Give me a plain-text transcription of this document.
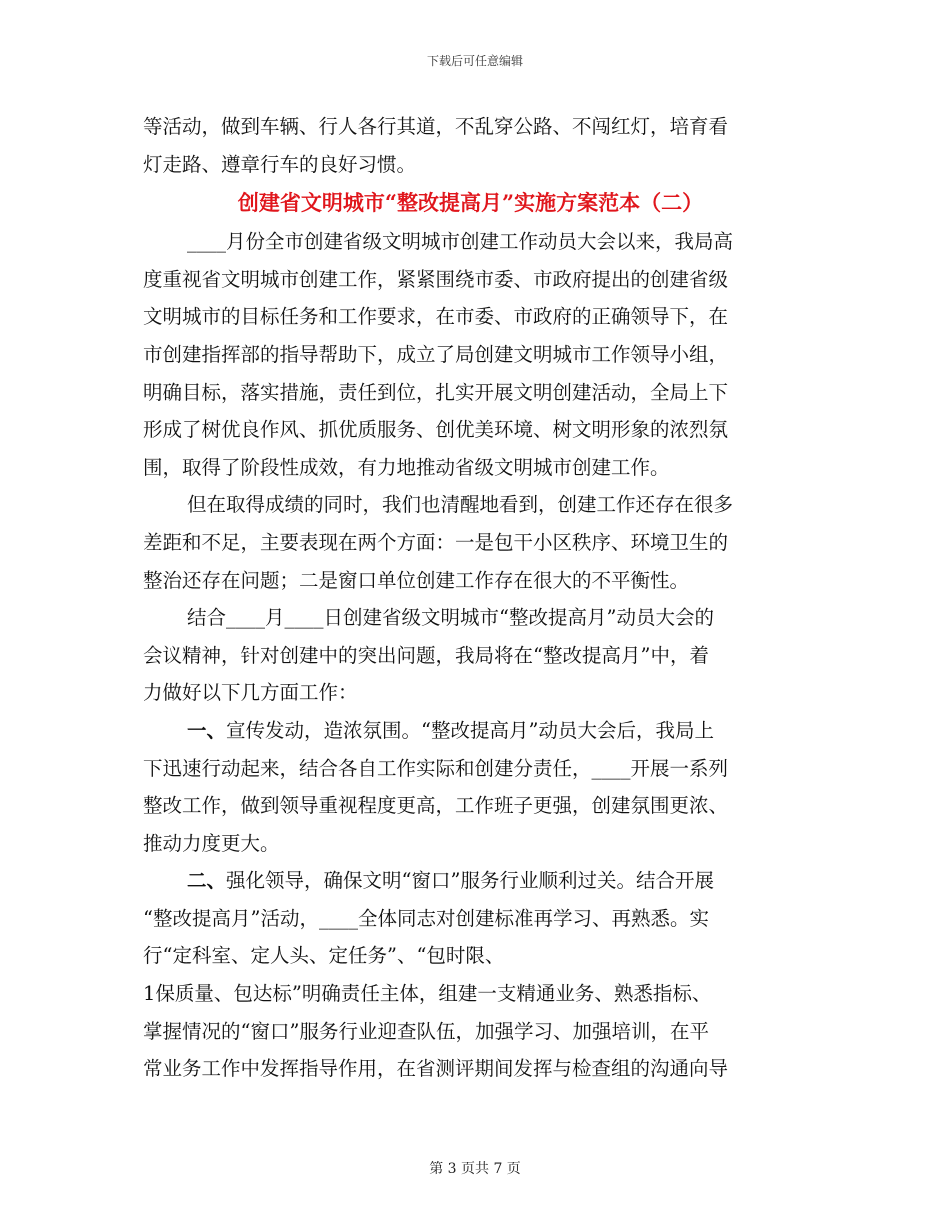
下载后可任意编辑
等活动，做到车辆、行人各行其道，不乱穿公路、不闯红灯，培育看
灯走路、遵章行车的良好习惯。
创建省文明城市“整改提高月”实施方案范本（二）
____月份全市创建省级文明城市创建工作动员大会以来，我局高
度重视省文明城市创建工作，紧紧围绕市委、市政府提出的创建省级
文明城市的目标任务和工作要求，在市委、市政府的正确领导下，在
市创建指挥部的指导帮助下，成立了局创建文明城市工作领导小组，
明确目标，落实措施，责任到位，扎实开展文明创建活动，全局上下
形成了树优良作风、抓优质服务、创优美环境、树文明形象的浓烈氛
围，取得了阶段性成效，有力地推动省级文明城市创建工作。
但在取得成绩的同时，我们也清醒地看到，创建工作还存在很多
差距和不足，主要表现在两个方面：一是包干小区秩序、环境卫生的
整治还存在问题；二是窗口单位创建工作存在很大的不平衡性。
结合____月____日创建省级文明城市“整改提高月”动员大会的
会议精神，针对创建中的突出问题，我局将在“整改提高月”中，着
力做好以下几方面工作：
一、宣传发动，造浓氛围。“整改提高月”动员大会后，我局上
下迅速行动起来，结合各自工作实际和创建分责任，____开展一系列
整改工作，做到领导重视程度更高，工作班子更强，创建氛围更浓、
推动力度更大。
二、强化领导，确保文明“窗口”服务行业顺利过关。结合开展
“整改提高月”活动，____全体同志对创建标准再学习、再熟悉。实
行“定科室、定人头、定任务”、“包时限、
1保质量、包达标”明确责任主体，组建一支精通业务、熟悉指标、
掌握情况的“窗口”服务行业迎查队伍，加强学习、加强培训，在平
常业务工作中发挥指导作用，在省测评期间发挥与检查组的沟通向导
第 3 页共 7 页
